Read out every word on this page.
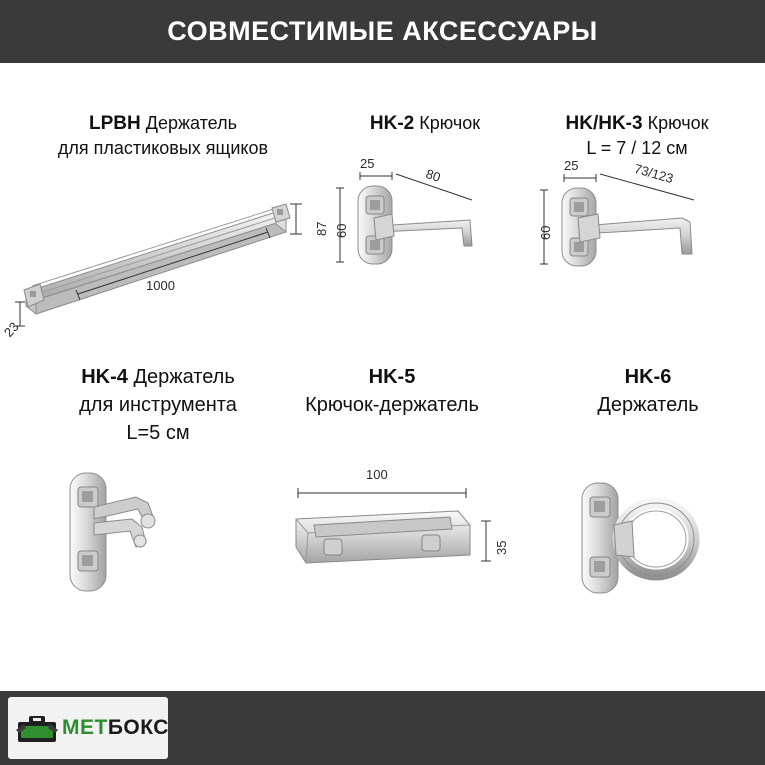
СОВМЕСТИМЫЕ АКСЕССУАРЫ
LPBH Держатель
для пластиковых ящиков
87
1000
23
HK-2 Крючок
25
80
60
HK/HK-3 Крючок
L = 7 / 12 см
25	73/123
60
HK-4 Держатель
для инструмента
L=5 см
HK-5
Крючок-держатель
100
35
HK-6
Держатель
МЕТБОКС
